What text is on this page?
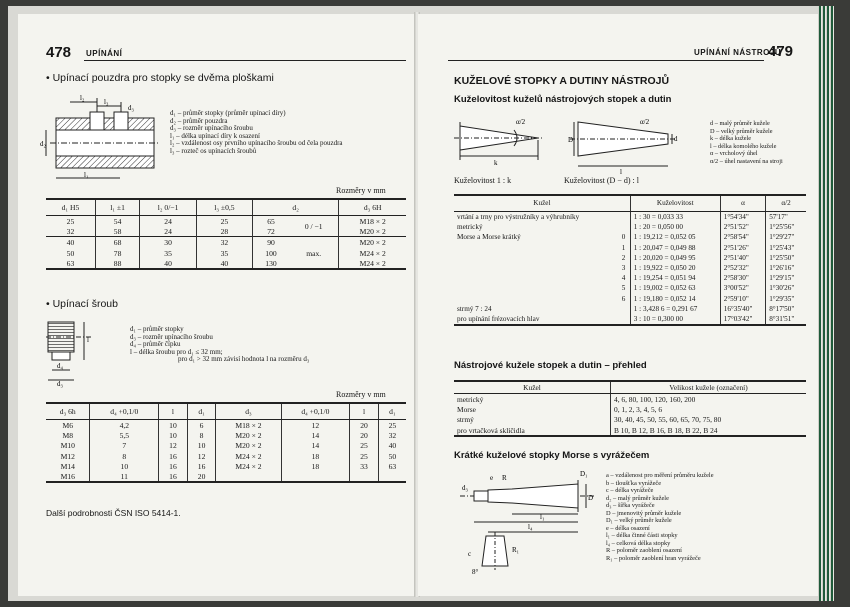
478 UPÍNÁNÍ
• Upínací pouzdra pro stopky se dvěma ploškami
d₂
l₂	l₃
d₃
l₁
d₁ – průměr stopky (průměr upínací díry)
d₂ – průměr pouzdra
d₃ – rozměr upínacího šroubu
l₁ – délka upínací díry k osazení
l₂ – vzdálenost osy prvního upínacího šroubu od čela pouzdra
l₃ – rozteč os upínacích šroubů
Rozměry v mm
d₁ H5	l₁ ±1	l₂ 0/−1	l₃ ±0,5	d₂		d₃ 6H
25	54	24	25	65	0 / −1	M18 × 2
32	58	24	28	72		M20 × 2
40	68	30	32	90	max.	M20 × 2
50	78	35	35	100		M24 × 2
63	88	40	40	130		M24 × 2
• Upínací šroub
d₄
d₃
l
d₁ – průměr stopky
d₃ – rozměr upínacího šroubu
d₄ – průměr čípku
l – délka šroubu pro d₁ ≤ 32 mm;
pro d₁ > 32 mm závisí hodnota l na rozměru d₃
Rozměry v mm
d₃ 6h	d₄ +0,1/0	l	d₁	d₃	d₄ +0,1/0	l	d₁
M6	4,2	10	6	M18 × 2	12	20	25
M8	5,5	10	8	M20 × 2	14	20	32
M10	7	12	10	M20 × 2	14	25	40
M12	8	16	12	M24 × 2	18	25	50
M14	10	16	16	M24 × 2	18	33	63
M16	11	16	20				
Další podrobnosti ČSN ISO 5414-1.
UPÍNÁNÍ NÁSTROJŮ
479
KUŽELOVÉ STOPKY A DUTINY NÁSTROJŮ
Kuželovitost kuželů nástrojových stopek a dutin
k
α/2
D	d
l
α/2	d – malý průměr kužele
D – velký průměr kužele
k – délka kužele
l – délka komolého kužele
α – vrcholový úhel
α/2 – úhel nastavení na stroji
Kuželovitost 1 : k	Kuželovitost (D − d) : l
Kužel		Kuželovitost	α	α/2
vrtání a trny pro výstružníky a výhrubníky		1 : 30 = 0,033 33	1°54'34"	57'17"
metrický		1 : 20 = 0,050 00	2°51'52"	1°25'56"
Morse a Morse krátký	0	1 : 19,212 = 0,052 05	2°58'54"	1°29'27"
	1	1 : 20,047 = 0,049 88	2°51'26"	1°25'43"
	2	1 : 20,020 = 0,049 95	2°51'40"	1°25'50"
	3	1 : 19,922 = 0,050 20	2°52'32"	1°26'16"
	4	1 : 19,254 = 0,051 94	2°58'30"	1°29'15"
	5	1 : 19,002 = 0,052 63	3°00'52"	1°30'26"
	6	1 : 19,180 = 0,052 14	2°59'10"	1°29'35"
strmý 7 : 24		1 : 3,428 6 = 0,291 67	16°35'40"	8°17'50"
pro upínání frézovacích hlav		3 : 10 = 0,300 00	17°03'42"	8°31'51"
Nástrojové kužele stopek a dutin – přehled
Kužel	Velikost kužele (označení)
metrický	4, 6, 80, 100, 120, 160, 200
Morse	0, 1, 2, 3, 4, 5, 6
strmý	30, 40, 45, 50, 55, 60, 65, 70, 75, 80
pro vrtačková sklíčidla	B 10, B 12, B 16, B 18, B 22, B 24
Krátké kuželové stopky Morse s vyrážečem
e R
d₃
l₁
l₄
D₁
D
c
8°
R₁
a – vzdálenost pro měření průměru kužele
b – tloušťka vyrážeče
c – délka vyrážeče
d₂ – malý průměr kužele
d₃ – šířka vyrážeče
D – jmenovitý průměr kužele
D₁ – velký průměr kužele
e – délka osazení
l₁ – délka činné části stopky
l₄ – celková délka stopky
R – poloměr zaoblení osazení
R₁ – poloměr zaoblení hran vyrážeče
